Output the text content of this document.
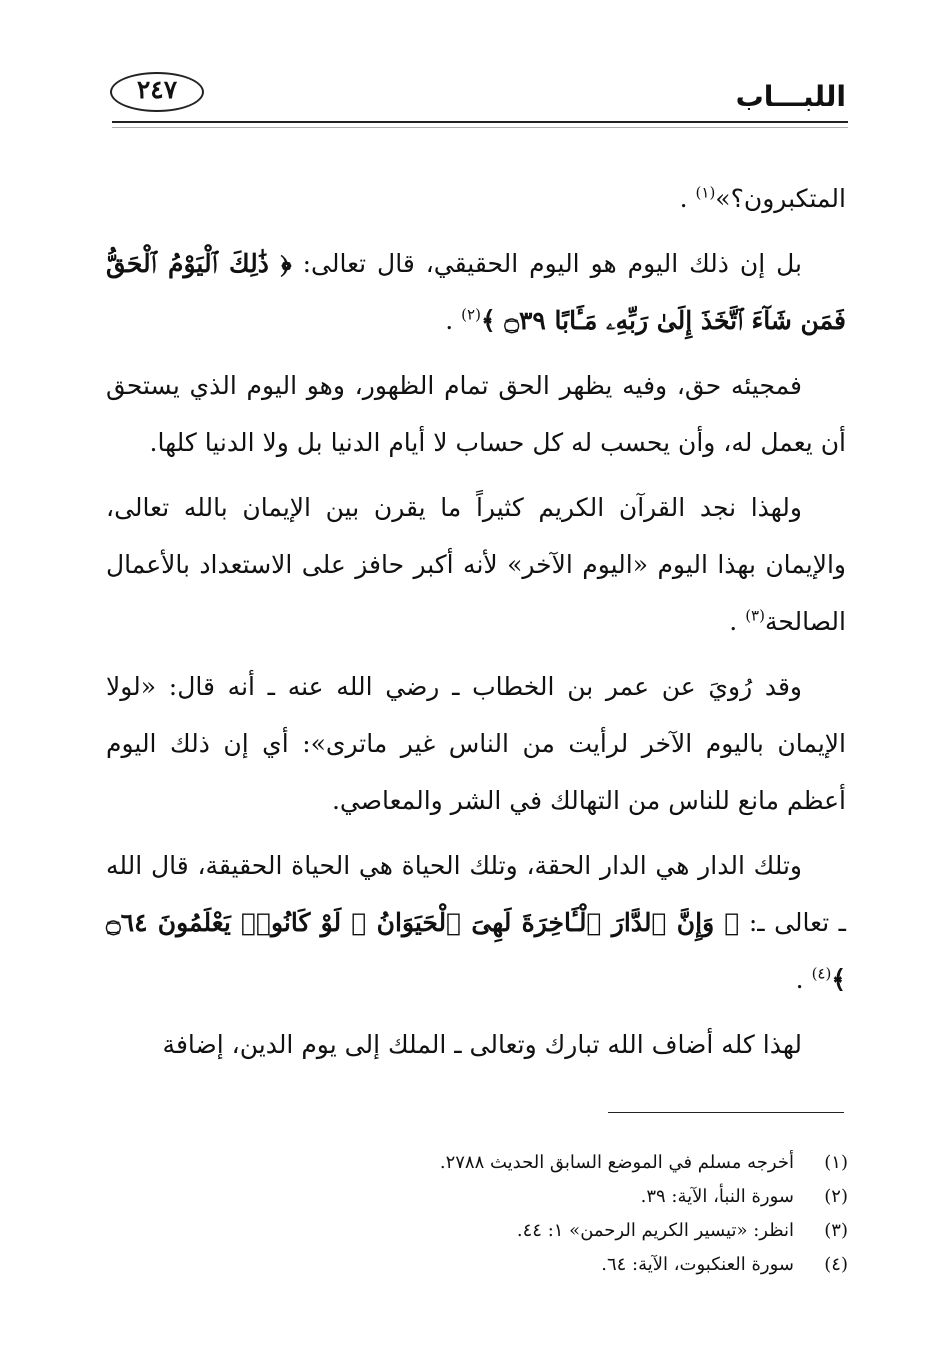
اللبـــاب
٢٤٧

المتكبرون؟»$^{(١)}$ .

بل إن ذلك اليوم هو اليوم الحقيقي، قال تعالى: ﴿ ذَٰلِكَ ٱلْيَوْمُ ٱلْحَقُّ فَمَن شَآءَ ٱتَّخَذَ إِلَىٰ رَبِّهِۦ مَـَٔابًا ۝٣٩ ﴾$^{(٢)}$ .

فمجيئه حق، وفيه يظهر الحق تمام الظهور، وهو اليوم الذي يستحق أن يعمل له، وأن يحسب له كل حساب لا أيام الدنيا بل ولا الدنيا كلها.

ولهذا نجد القرآن الكريم كثيراً ما يقرن بين الإيمان بالله تعالى، والإيمان بهذا اليوم «اليوم الآخر» لأنه أكبر حافز على الاستعداد بالأعمال الصالحة$^{(٣)}$ .

وقد رُويَ عن عمر بن الخطاب ـ رضي الله عنه ـ أنه قال: «لولا الإيمان باليوم الآخر لرأيت من الناس غير ماترى»: أي إن ذلك اليوم أعظم مانع للناس من التهالك في الشر والمعاصي.

وتلك الدار هي الدار الحقة، وتلك الحياة هي الحياة الحقيقة، قال الله ـ تعالى ـ: ﴿ وَإِنَّ ٱلدَّارَ ٱلْـَٔاخِرَةَ لَهِىَ ٱلْحَيَوَانُ ۚ لَوْ كَانُوا۟ يَعْلَمُونَ ۝٦٤ ﴾$^{(٤)}$ .

لهذا كله أضاف الله تبارك وتعالى ـ الملك إلى يوم الدين، إضافة

(١)أخرجه مسلم في الموضع السابق الحديث ٢٧٨٨.
(٢)سورة النبأ، الآية: ٣٩.
(٣)انظر: «تيسير الكريم الرحمن» ١: ٤٤.
(٤)سورة العنكبوت، الآية: ٦٤.
